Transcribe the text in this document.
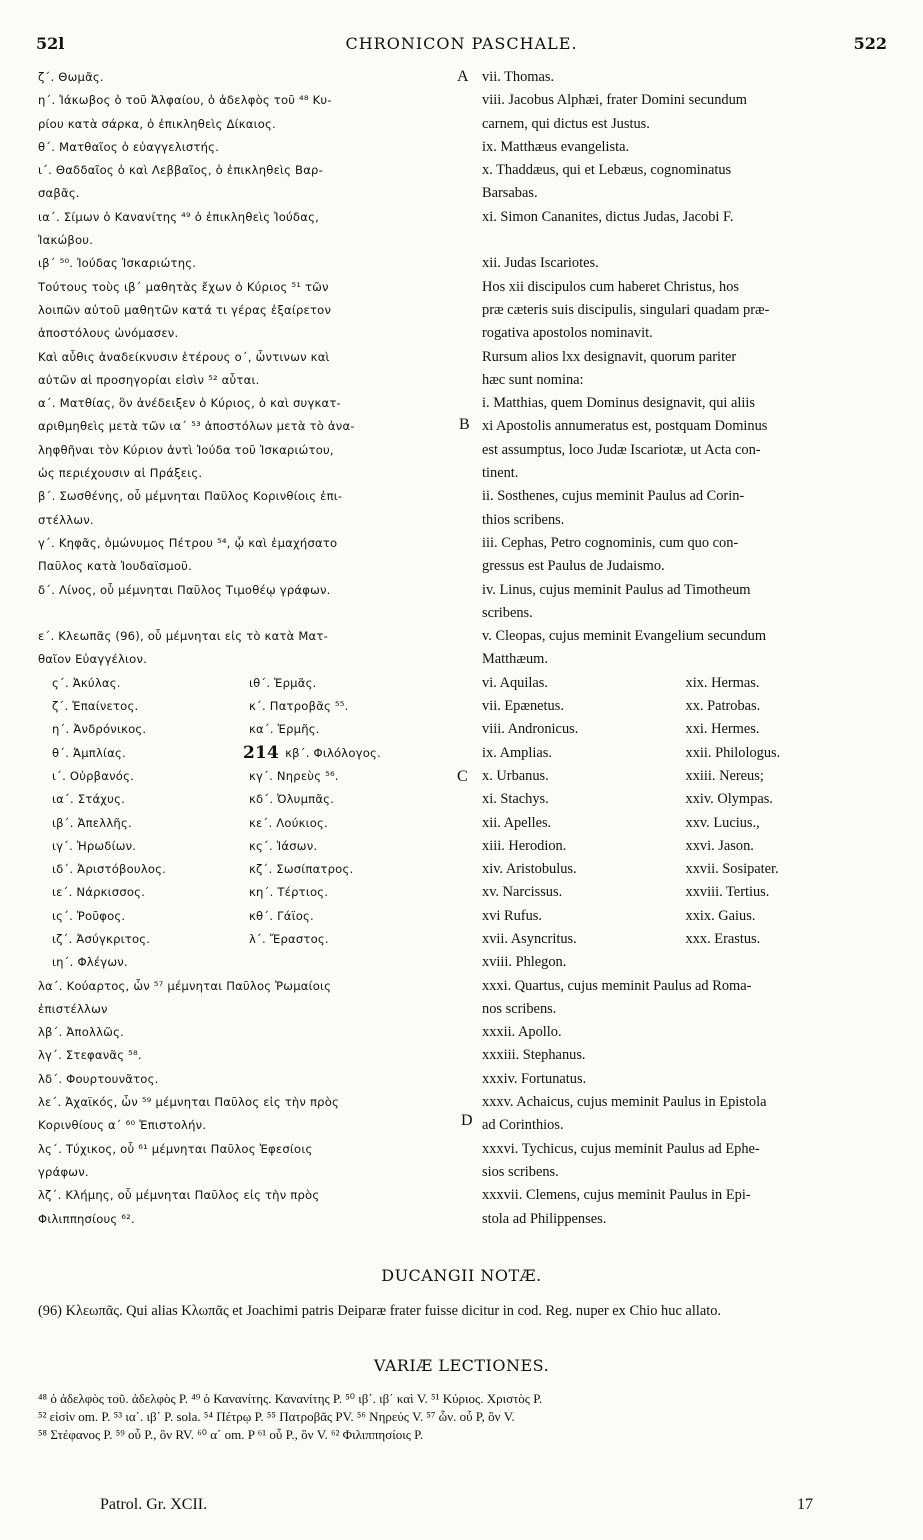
52l	CHRONICON PASCHALE.	522
ζ΄. Θωμᾶς.
η΄. Ἰάκωβος ὁ τοῦ Ἀλφαίου, ὁ ἀδελφὸς τοῦ ⁴⁸ Κυ-
ρίου κατὰ σάρκα, ὁ ἐπικληθεὶς Δίκαιος.
θ΄. Ματθαῖος ὁ εὐαγγελιστής.
ι΄. Θαδδαῖος ὁ καὶ Λεββαῖος, ὁ ἐπικληθεὶς Βαρ-
σαβᾶς.
ια΄. Σίμων ὁ Κανανίτης ⁴⁹ ὁ ἐπικληθεὶς Ἰούδας,
Ἰακώβου.
ιβ΄ ⁵⁰. Ἰούδας Ἰσκαριώτης.
Τούτους τοὺς ιβ΄ μαθητὰς ἔχων ὁ Κύριος ⁵¹ τῶν
λοιπῶν αὐτοῦ μαθητῶν κατά τι γέρας ἐξαίρετον
ἀποστόλους ὠνόμασεν.
Καὶ αὖθις ἀναδείκνυσιν ἑτέρους ο΄, ὧντινων καὶ
αὐτῶν αἱ προσηγορίαι εἰσὶν ⁵² αὗται.
α΄. Ματθίας, ὃν ἀνέδειξεν ὁ Κύριος, ὁ καὶ συγκατ-
αριθμηθεὶς μετὰ τῶν ια΄ ⁵³ ἀποστόλων μετὰ τὸ ἀνα-
ληφθῆναι τὸν Κύριον ἀντὶ Ἰούδα τοῦ Ἰσκαριώτου,
ὡς περιέχουσιν αἱ Πράξεις.
β΄. Σωσθένης, οὗ μέμνηται Παῦλος Κορινθίοις ἐπι-
στέλλων.
γ΄. Κηφᾶς, ὁμώνυμος Πέτρου ⁵⁴, ᾧ καὶ ἐμαχήσατο
Παῦλος κατὰ Ἰουδαϊσμοῦ.
δ΄. Λίνος, οὗ μέμνηται Παῦλος Τιμοθέῳ γράφων.
ε΄. Κλεωπᾶς (96), οὗ μέμνηται εἰς τὸ κατὰ Ματ-
θαῖον Εὐαγγέλιον.
ς΄. Ἀκύλας.	ιθ΄. Ἑρμᾶς.
ζ΄. Ἐπαίνετος.	κ΄. Πατροβᾶς ⁵⁵.
η΄. Ἀνδρόνικος.	κα΄. Ἑρμῆς.
θ΄. Ἀμπλίας.	214 κβ΄. Φιλόλογος.
ι΄. Οὐρβανός.	κγ΄. Νηρεὺς ⁵⁶.
ια΄. Στάχυς.	κδ΄. Ὀλυμπᾶς.
ιβ΄. Ἀπελλῆς.	κε΄. Λούκιος.
ιγ΄. Ἡρωδίων.	κς΄. Ἰάσων.
ιδ΄. Ἀριστόβουλος.	κζ΄. Σωσίπατρος.
ιε΄. Νάρκισσος.	κη΄. Τέρτιος.
ις΄. Ῥοῦφος.	κθ΄. Γάϊος.
ιζ΄. Ἀσύγκριτος.	λ΄. Ἔραστος.
ιη΄. Φλέγων.
λα΄. Κούαρτος, ὧν ⁵⁷ μέμνηται Παῦλος Ῥωμαίοις
ἐπιστέλλων
λβ΄. Ἀπολλῶς.
λγ΄. Στεφανᾶς ⁵⁸.
λδ΄. Φουρτουνᾶτος.
λε΄. Ἀχαϊκός, ὧν ⁵⁹ μέμνηται Παῦλος εἰς τὴν πρὸς
Κορινθίους α΄ ⁶⁰ Ἐπιστολήν.
λς΄. Τύχικος, οὗ ⁶¹ μέμνηται Παῦλος Ἐφεσίοις
γράφων.
λζ΄. Κλήμης, οὗ μέμνηται Παῦλος εἰς τὴν πρὸς
Φιλιππησίους ⁶².
vii. Thomas.
viii. Jacobus Alphæi, frater Domini secundum
carnem, qui dictus est Justus.
ix. Matthæus evangelista.
x. Thaddæus, qui et Lebæus, cognominatus
Barsabas.
xi. Simon Cananites, dictus Judas, Jacobi F.
xii. Judas Iscariotes.
Hos xii discipulos cum haberet Christus, hos
præ cæteris suis discipulis, singulari quadam præ-
rogativa apostolos nominavit.
Rursum alios lxx designavit, quorum pariter
hæc sunt nomina:
i. Matthias, quem Dominus designavit, qui aliis
xi Apostolis annumeratus est, postquam Dominus
est assumptus, loco Judæ Iscariotæ, ut Acta con-
tinent.
ii. Sosthenes, cujus meminit Paulus ad Corin-
thios scribens.
iii. Cephas, Petro cognominis, cum quo con-
gressus est Paulus de Judaismo.
iv. Linus, cujus meminit Paulus ad Timotheum
scribens.
v. Cleopas, cujus meminit Evangelium secundum
Matthæum.
vi. Aquilas.	xix. Hermas.
vii. Epænetus.	xx. Patrobas.
viii. Andronicus.	xxi. Hermes.
ix. Amplias.	xxii. Philologus.
x. Urbanus.	xxiii. Nereus;
xi. Stachys.	xxiv. Olympas.
xii. Apelles.	xxv. Lucius.,
xiii. Herodion.	xxvi. Jason.
xiv. Aristobulus.	xxvii. Sosipater.
xv. Narcissus.	xxviii. Tertius.
xvi Rufus.	xxix. Gaius.
xvii. Asyncritus.	xxx. Erastus.
xviii. Phlegon.
xxxi. Quartus, cujus meminit Paulus ad Roma-
nos scribens.
xxxii. Apollo.
xxxiii. Stephanus.
xxxiv. Fortunatus.
xxxv. Achaicus, cujus meminit Paulus in Epistola
ad Corinthios.
xxxvi. Tychicus, cujus meminit Paulus ad Ephe-
sios scribens.
xxxvii. Clemens, cujus meminit Paulus in Epi-
stola ad Philippenses.
A
B
C
D
DUCANGII NOTÆ.
(96) Κλεωπᾶς. Qui alias Κλωπᾶς et Joachimi patris Deiparæ frater fuisse dicitur in cod. Reg. nuper ex Chio huc allato.
VARIÆ LECTIONES.
⁴⁸ ὁ ἀδελφὸς τοῦ. ἀδελφὸς P. ⁴⁹ ὁ Κανανίτης. Κανανίτης P. ⁵⁰ ιβ΄. ιβ΄ καὶ V. ⁵¹ Κύριος. Χριστὸς P.
⁵² εἰσὶν om. P. ⁵³ ια΄. ιβ΄ P. sola. ⁵⁴ Πέτρῳ P. ⁵⁵ Πατροβᾶς PV. ⁵⁶ Νηρεύς V. ⁵⁷ ὧν. οὗ P, ὃν V.
⁵⁸ Στέφανος P. ⁵⁹ οὗ P., ὃν RV. ⁶⁰ α΄ om. P ⁶¹ οὗ P., ὃν V. ⁶² Φιλιππησίοις P.
Patrol. Gr. XCII.	17
